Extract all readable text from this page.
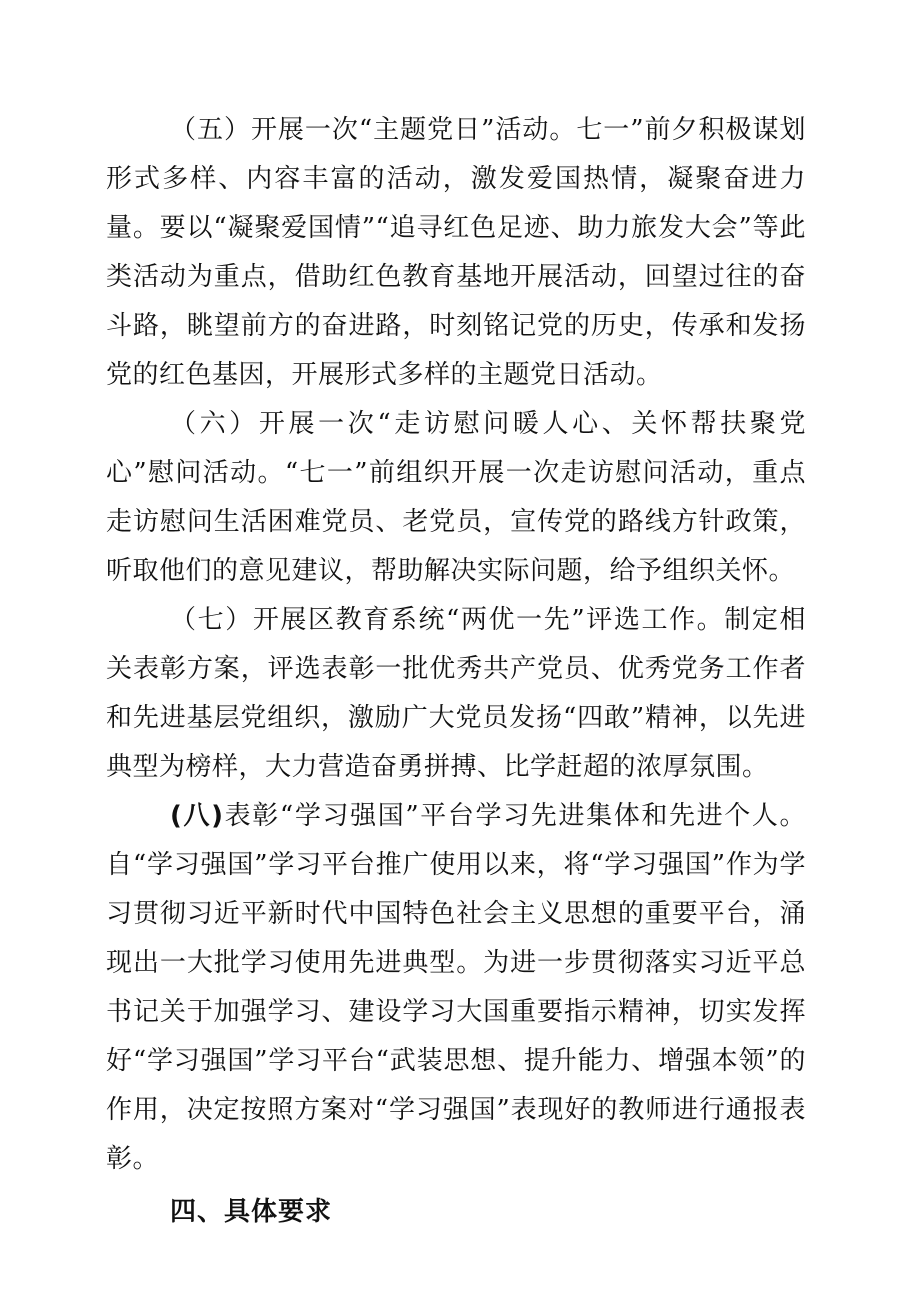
（五）开展一次“主题党日”活动。七一”前夕积极谋划形式多样、内容丰富的活动，激发爱国热情，凝聚奋进力量。要以“凝聚爱国情”“追寻红色足迹、助力旅发大会”等此类活动为重点，借助红色教育基地开展活动，回望过往的奋斗路，眺望前方的奋进路，时刻铭记党的历史，传承和发扬党的红色基因，开展形式多样的主题党日活动。

（六）开展一次“走访慰问暖人心、关怀帮扶聚党心”慰问活动。“七一”前组织开展一次走访慰问活动，重点走访慰问生活困难党员、老党员，宣传党的路线方针政策，听取他们的意见建议，帮助解决实际问题，给予组织关怀。

（七）开展区教育系统“两优一先”评选工作。制定相关表彰方案，评选表彰一批优秀共产党员、优秀党务工作者和先进基层党组织，激励广大党员发扬“四敢”精神，以先进典型为榜样，大力营造奋勇拼搏、比学赶超的浓厚氛围。

(八)表彰“学习强国”平台学习先进集体和先进个人。自“学习强国”学习平台推广使用以来，将“学习强国”作为学习贯彻习近平新时代中国特色社会主义思想的重要平台，涌现出一大批学习使用先进典型。为进一步贯彻落实习近平总书记关于加强学习、建设学习大国重要指示精神，切实发挥好“学习强国”学习平台“武装思想、提升能力、增强本领”的作用，决定按照方案对“学习强国”表现好的教师进行通报表彰。

四、具体要求
